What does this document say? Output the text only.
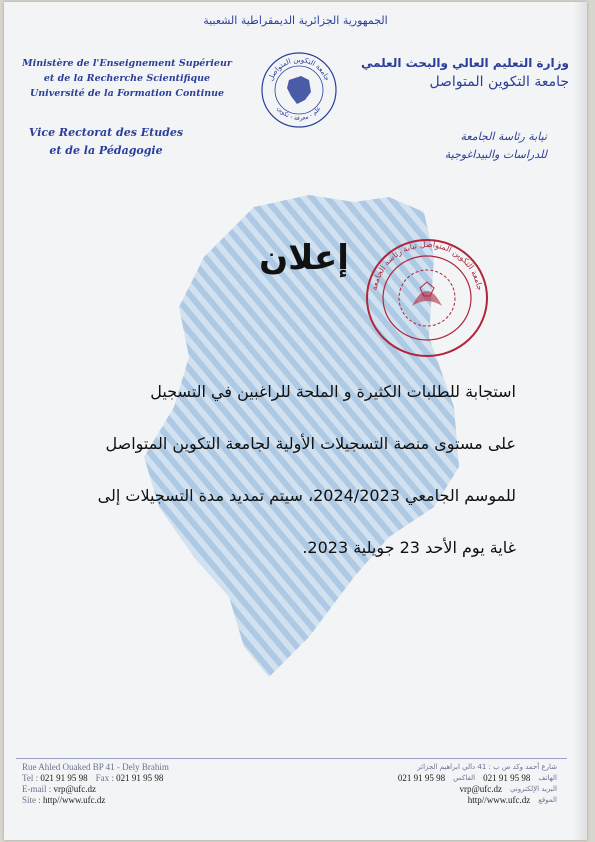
الجمهورية الجزائرية الديمقراطية الشعبية
Ministère de l'Enseignement Supérieur
et de la Recherche Scientifique
Université de la Formation Continue
Vice Rectorat des Etudes
et de la Pédagogie
جامعة التكوين المتواصل
علم - معرفة - تكوين
وزارة التعليم العالي والبحث العلمي
جامعة التكوين المتواصل
نيابة رئاسة الجامعة
للدراسات والبيداغوجية
جامعة التكوين المتواصل نيابة رئاسة الجامعة
إعلان
استجابة للطلبات الكثيرة و الملحة للراغبين في التسجيل
على مستوى منصة التسجيلات الأولية لجامعة التكوين المتواصل
للموسم الجامعي 2024/2023، سيتم تمديد مدة التسجيلات إلى
غاية يوم الأحد 23 جويلية 2023.
Rue Ahled Ouaked BP 41 - Dely Brahim
Tel : 021 91 95 98 Fax : 021 91 95 98
E-mail : vrp@ufc.dz
Site : http//www.ufc.dz
شارع أحمد وكد ص ب : 41 دالي ابراهيم الجزائر
021 91 95 98 الفاكس 021 91 95 98 الهاتف
vrp@ufc.dz البريد الإلكتروني
http//www.ufc.dz الموقع
